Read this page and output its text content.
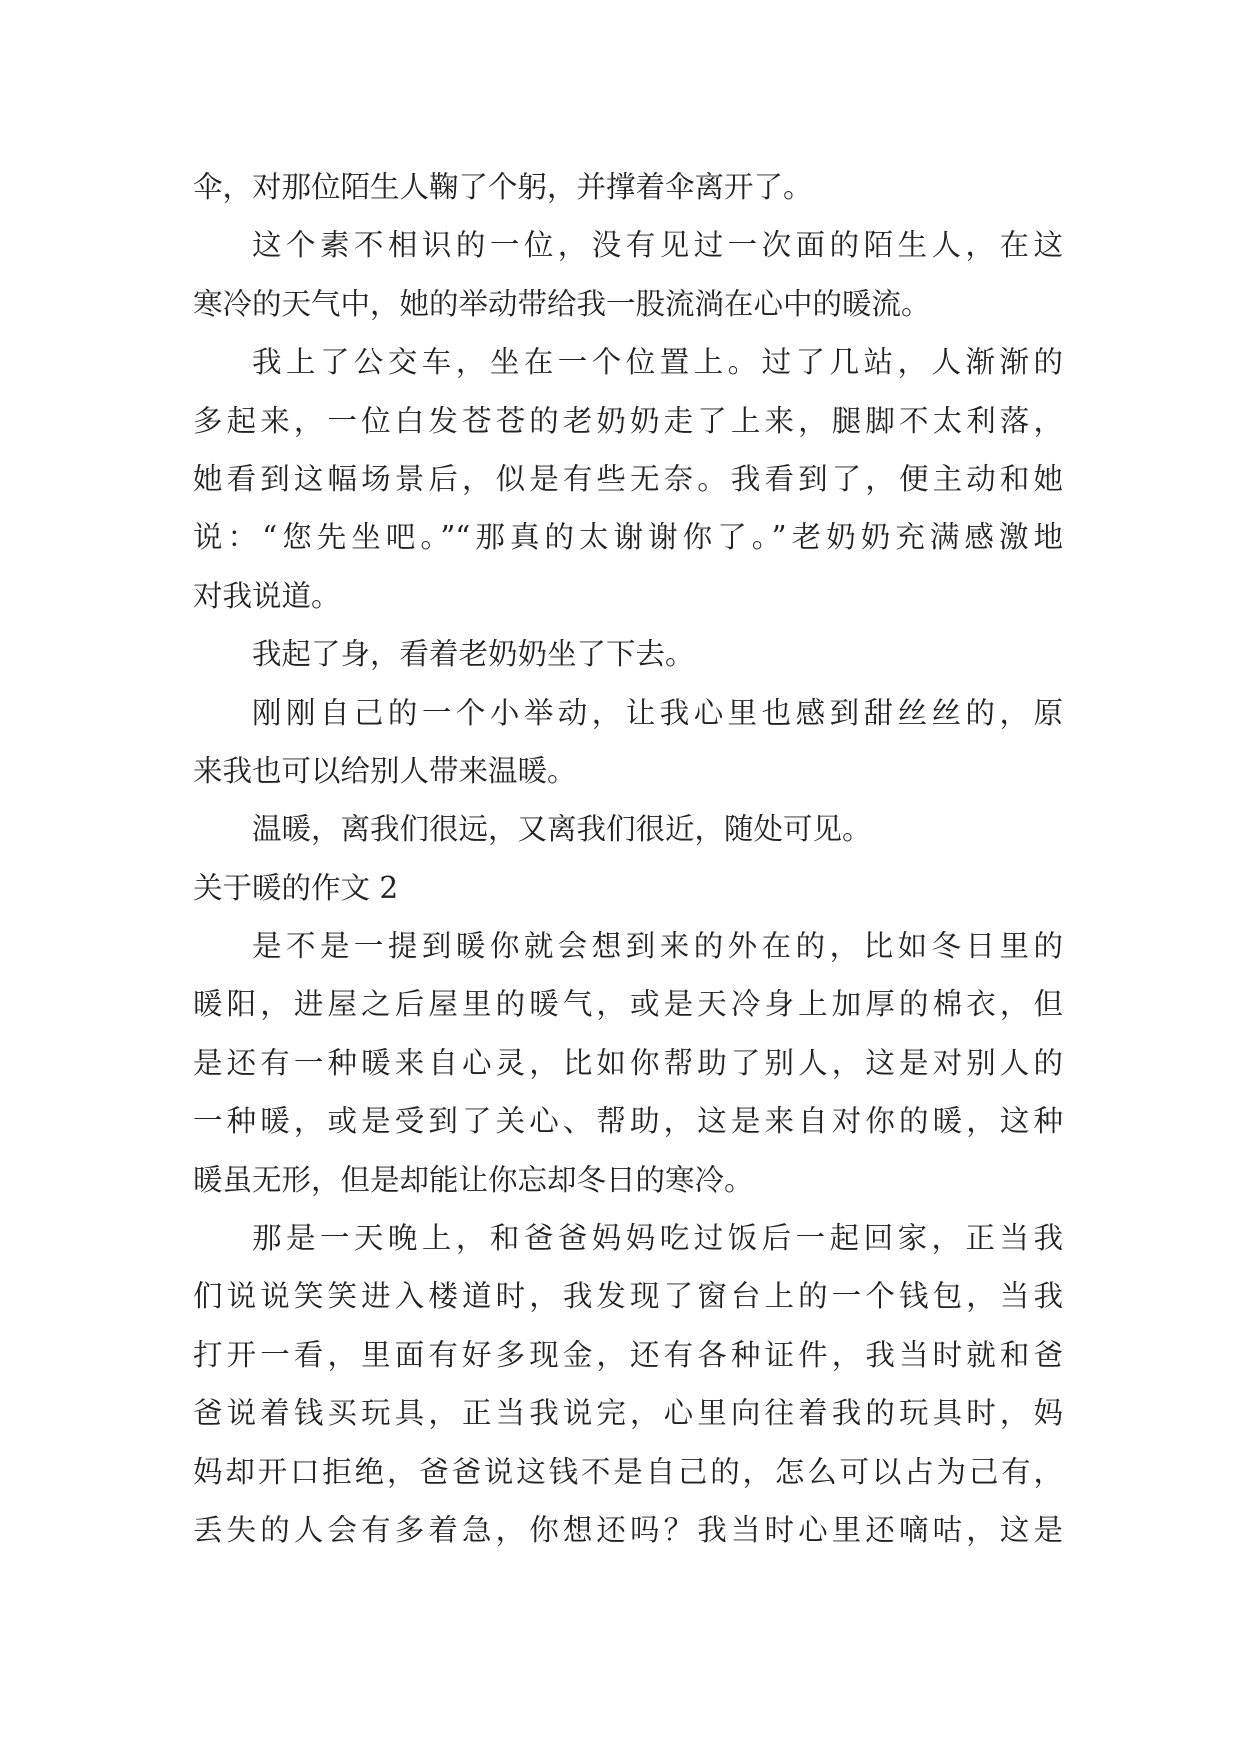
伞，对那位陌生人鞠了个躬，并撑着伞离开了。
这个素不相识的一位，没有见过一次面的陌生人，在这
寒冷的天气中，她的举动带给我一股流淌在心中的暖流。
我上了公交车，坐在一个位置上。过了几站，人渐渐的
多起来，一位白发苍苍的老奶奶走了上来，腿脚不太利落，
她看到这幅场景后，似是有些无奈。我看到了，便主动和她
说：“您先坐吧。”“那真的太谢谢你了。”老奶奶充满感激地
对我说道。
我起了身，看着老奶奶坐了下去。
刚刚自己的一个小举动，让我心里也感到甜丝丝的，原
来我也可以给别人带来温暖。
温暖，离我们很远，又离我们很近，随处可见。
关于暖的作文 2
是不是一提到暖你就会想到来的外在的，比如冬日里的
暖阳，进屋之后屋里的暖气，或是天冷身上加厚的棉衣，但
是还有一种暖来自心灵，比如你帮助了别人，这是对别人的
一种暖，或是受到了关心、帮助，这是来自对你的暖，这种
暖虽无形，但是却能让你忘却冬日的寒冷。
那是一天晚上，和爸爸妈妈吃过饭后一起回家，正当我
们说说笑笑进入楼道时，我发现了窗台上的一个钱包，当我
打开一看，里面有好多现金，还有各种证件，我当时就和爸
爸说着钱买玩具，正当我说完，心里向往着我的玩具时，妈
妈却开口拒绝，爸爸说这钱不是自己的，怎么可以占为己有，
丢失的人会有多着急，你想还吗？我当时心里还嘀咕，这是
